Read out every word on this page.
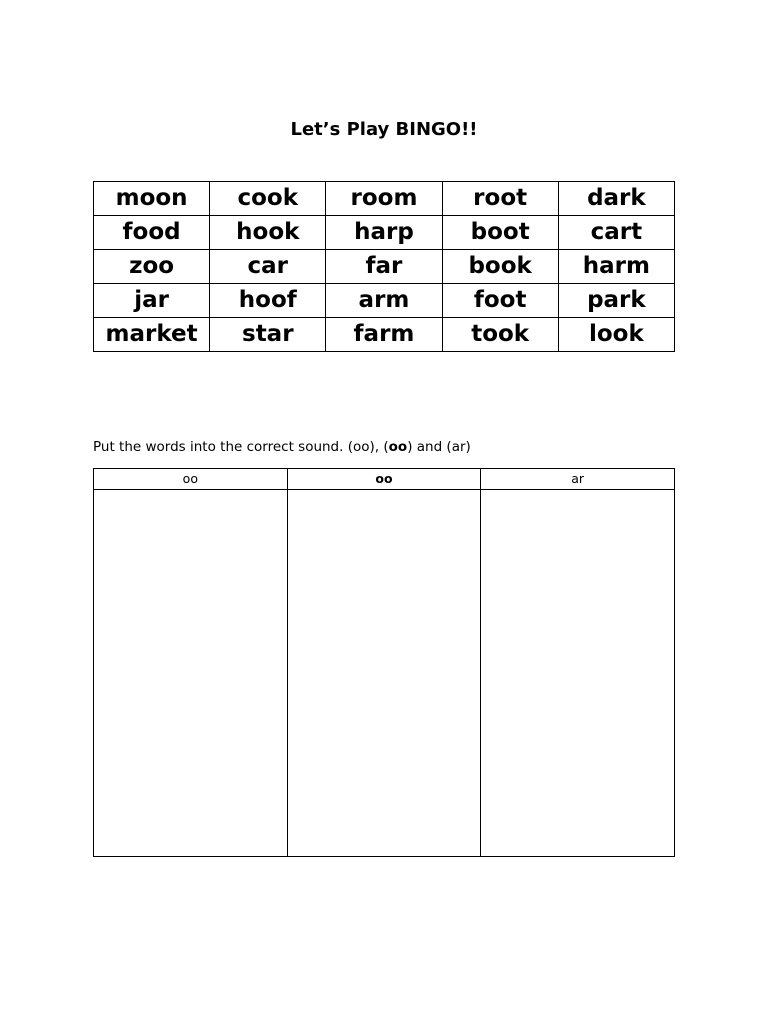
Let’s Play BINGO!!
moon	cook	room	root	dark
food	hook	harp	boot	cart
zoo	car	far	book	harm
jar	hoof	arm	foot	park
market	star	farm	took	look
Put the words into the correct sound. (oo), (oo) and (ar)
oo	oo	ar
